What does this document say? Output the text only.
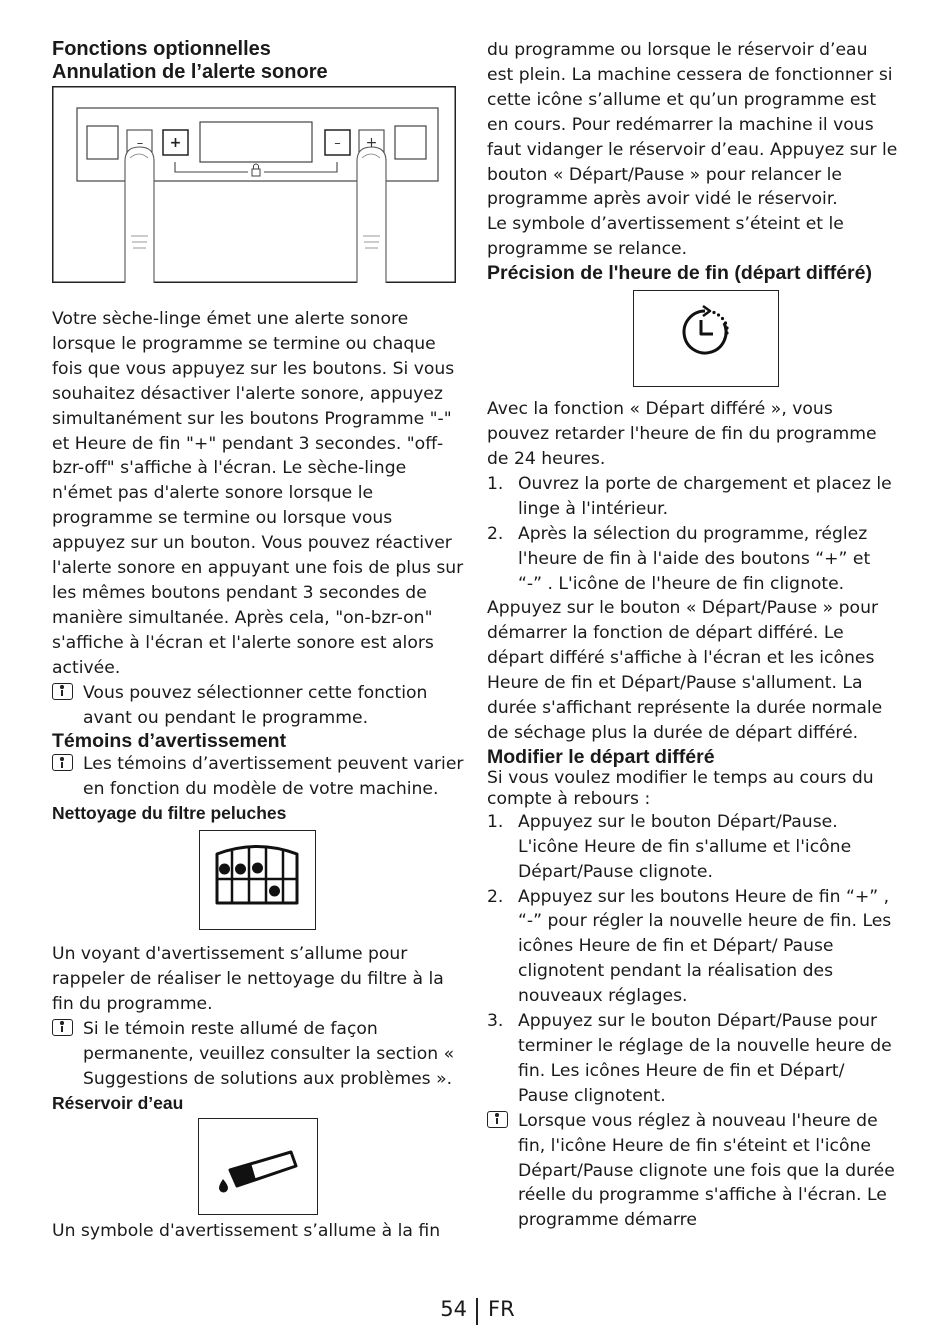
Fonctions optionnelles
Annulation de l’alerte sonore
– +	– +

Votre sèche-linge émet une alerte sonore lorsque le programme se termine ou chaque fois que vous appuyez sur les boutons. Si vous souhaitez désactiver l'alerte sonore, appuyez simultanément sur les boutons Programme "-" et Heure de fin "+" pendant 3 secondes. "off-bzr-off" s'affiche à l'écran. Le sèche-linge n'émet pas d'alerte sonore lorsque le programme se termine ou lorsque vous appuyez sur un bouton. Vous pouvez réactiver l'alerte sonore en appuyant une fois de plus sur les mêmes boutons pendant 3 secondes de manière simultanée. Après cela, "on-bzr-on" s'affiche à l'écran et l'alerte sonore est alors activée.

Vous pouvez sélectionner cette fonction avant ou pendant le programme.
Témoins d’avertissement
Les témoins d’avertissement peuvent varier en fonction du modèle de votre machine.
Nettoyage du filtre peluches

Un voyant d'avertissement s’allume pour rappeler de réaliser le nettoyage du filtre à la fin du programme.

Si le témoin reste allumé de façon permanente, veuillez consulter la section « Suggestions de solutions aux problèmes ».
Réservoir d’eau

Un symbole d'avertissement s’allume à la fin

du programme ou lorsque le réservoir d’eau est plein. La machine cessera de fonctionner si cette icône s’allume et qu’un programme est en cours. Pour redémarrer la machine il vous faut vidanger le réservoir d’eau. Appuyez sur le bouton « Départ/Pause » pour relancer le programme après avoir vidé le réservoir.

Le symbole d’avertissement s’éteint et le programme se relance.

Précision de l'heure de fin (départ différé)

Avec la fonction « Départ différé », vous pouvez retarder l'heure de fin du programme de 24 heures.

1. Ouvrez la porte de chargement et placez le linge à l'intérieur.
2. Après la sélection du programme, réglez l'heure de fin à l'aide des boutons “+” et “-” . L'icône de l'heure de fin clignote.

Appuyez sur le bouton « Départ/Pause » pour démarrer la fonction de départ différé. Le départ différé s'affiche à l'écran et les icônes Heure de fin et Départ/Pause s'allument. La durée s'affichant représente la durée normale de séchage plus la durée de départ différé.

Modifier le départ différé

Si vous voulez modifier le temps au cours du compte à rebours :

1. Appuyez sur le bouton Départ/Pause. L'icône Heure de fin s'allume et l'icône Départ/Pause clignote.
2. Appuyez sur les boutons Heure de fin “+” , “-” pour régler la nouvelle heure de fin. Les icônes Heure de fin et Départ/ Pause clignotent pendant la réalisation des nouveaux réglages.
3. Appuyez sur le bouton Départ/Pause pour terminer le réglage de la nouvelle heure de fin. Les icônes Heure de fin et Départ/ Pause clignotent.
Lorsque vous réglez à nouveau l'heure de fin, l'icône Heure de fin s'éteint et l'icône Départ/Pause clignote une fois que la durée réelle du programme s'affiche à l'écran. Le programme démarre
54 FR
